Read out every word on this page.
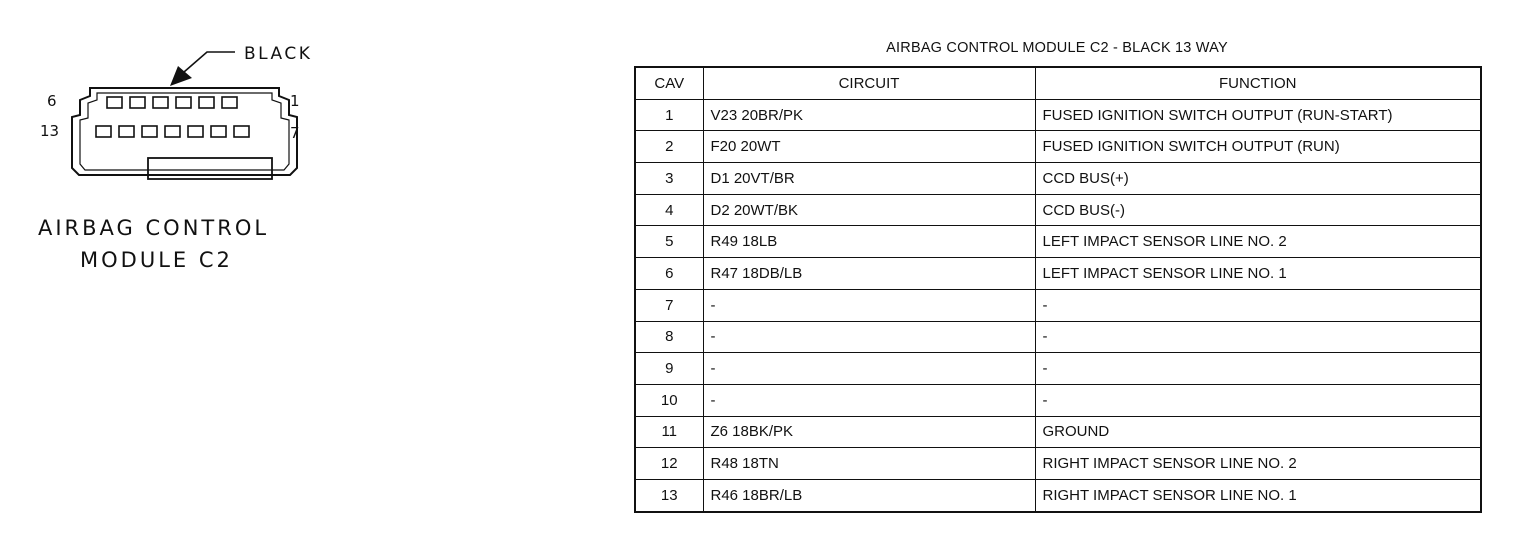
BLACK
6
13
1
7
AIRBAG CONTROL
MODULE C2
AIRBAG CONTROL MODULE C2 - BLACK 13 WAY
CAV	CIRCUIT	FUNCTION
1	V23 20BR/PK	FUSED IGNITION SWITCH OUTPUT (RUN-START)
2	F20 20WT	FUSED IGNITION SWITCH OUTPUT (RUN)
3	D1 20VT/BR	CCD BUS(+)
4	D2 20WT/BK	CCD BUS(-)
5	R49 18LB	LEFT IMPACT SENSOR LINE NO. 2
6	R47 18DB/LB	LEFT IMPACT SENSOR LINE NO. 1
7	-	-
8	-	-
9	-	-
10	-	-
11	Z6 18BK/PK	GROUND
12	R48 18TN	RIGHT IMPACT SENSOR LINE NO. 2
13	R46 18BR/LB	RIGHT IMPACT SENSOR LINE NO. 1
